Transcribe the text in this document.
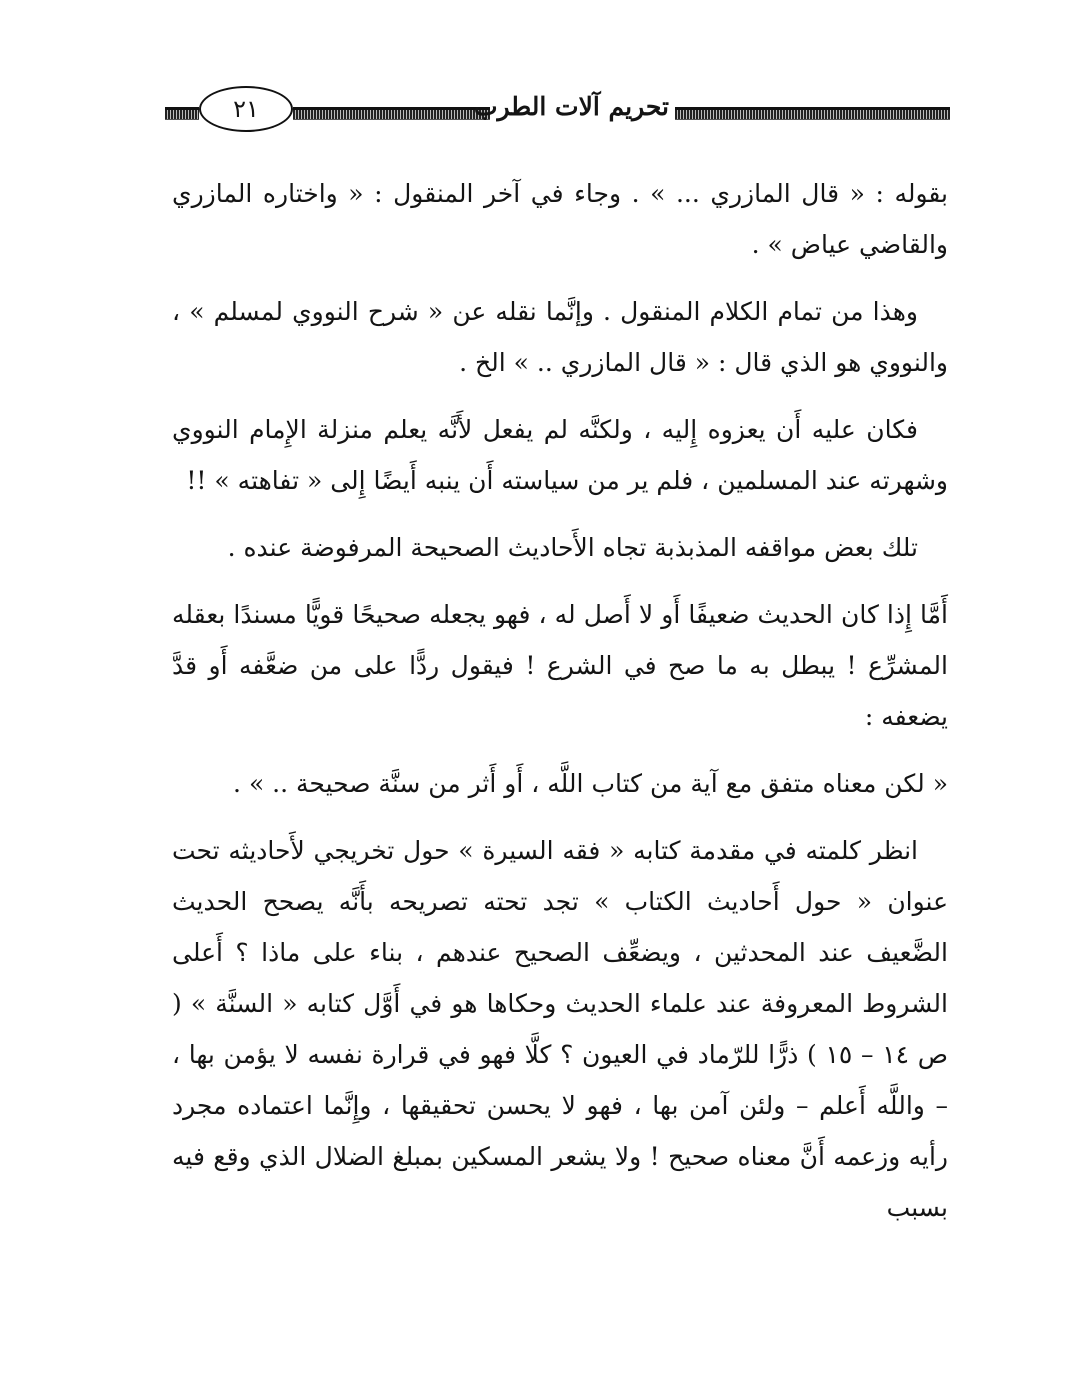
٢١	تحريم آلات الطرب

بقوله : « قال المازري ... » . وجاء في آخر المنقول : « واختاره المازري والقاضي عياض » .

وهذا من تمام الكلام المنقول . وإنَّما نقله عن « شرح النووي لمسلم » ، والنووي هو الذي قال : « قال المازري .. » الخ .

فكان عليه أَن يعزوه إِليه ، ولكنَّه لم يفعل لأَنَّه يعلم منزلة الإِمام النووي وشهرته عند المسلمين ، فلم ير من سياسته أَن ينبه أَيضًا إِلى « تفاهته » !!

تلك بعض مواقفه المذبذبة تجاه الأَحاديث الصحيحة المرفوضة عنده .

أَمَّا إِذا كان الحديث ضعيفًا أَو لا أَصل له ، فهو يجعله صحيحًا قويًّا مسندًا بعقله المشرِّع ! يبطل به ما صح في الشرع ! فيقول ردًّا على من ضعَّفه أَو قدَّ يضعفه :

« لكن معناه متفق مع آية من كتاب اللَّه ، أَو أَثر من سنَّة صحيحة .. » .

انظر كلمته في مقدمة كتابه « فقه السيرة » حول تخريجي لأَحاديثه تحت عنوان « حول أَحاديث الكتاب » تجد تحته تصريحه بأَنَّه يصحح الحديث الضَّعيف عند المحدثين ، ويضعِّف الصحيح عندهم ، بناء على ماذا ؟ أَعلى الشروط المعروفة عند علماء الحديث وحكاها هو في أَوَّل كتابه « السنَّة » ( ص ١٤ – ١٥ ) ذرًّا للرّماد في العيون ؟ كلَّا فهو في قرارة نفسه لا يؤمن بها ، – واللَّه أَعلم – ولئن آمن بها ، فهو لا يحسن تحقيقها ، وإِنَّما اعتماده مجرد رأيه وزعمه أَنَّ معناه صحيح ! ولا يشعر المسكين بمبلغ الضلال الذي وقع فيه بسبب
